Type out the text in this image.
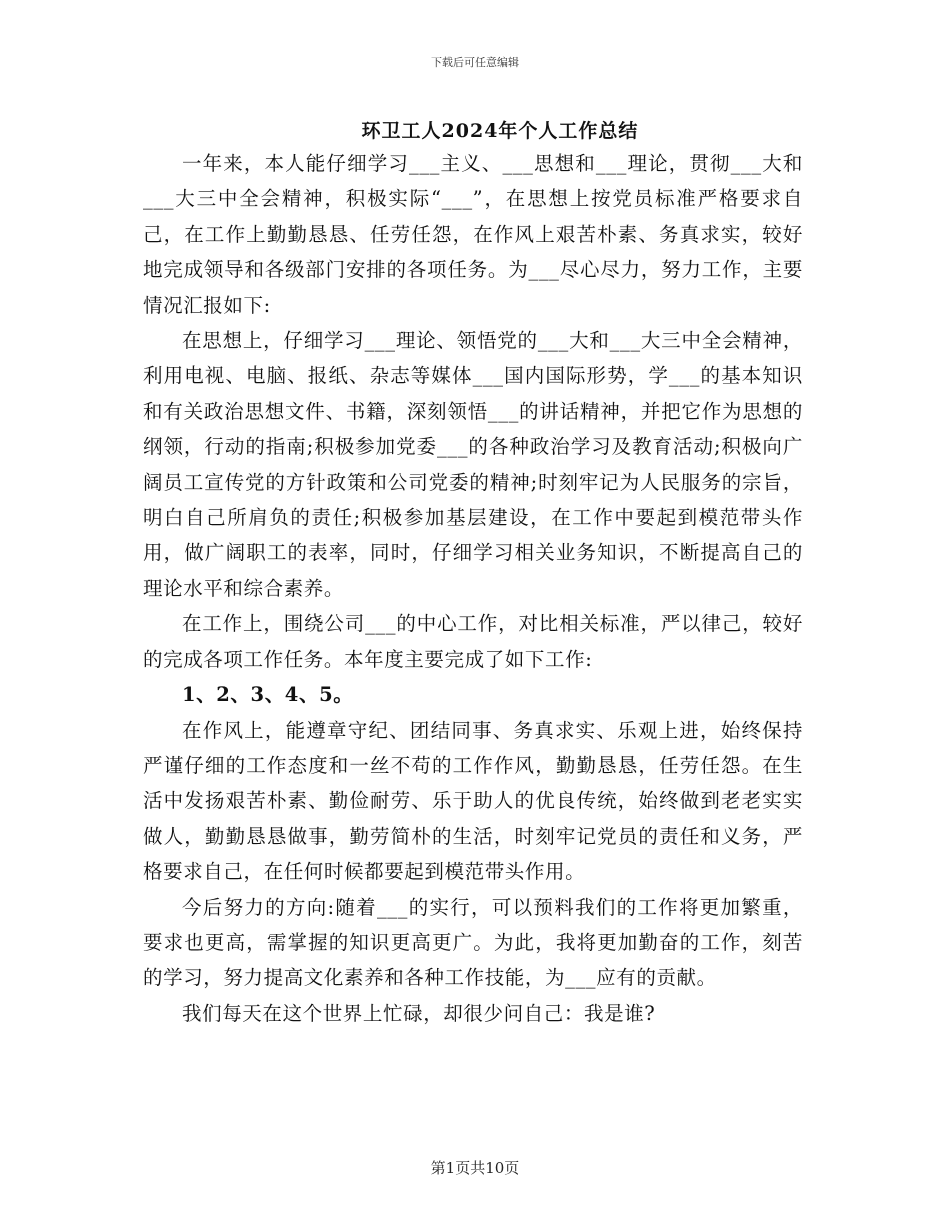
下载后可任意编辑
环卫工人2024年个人工作总结

一年来，本人能仔细学习___主义、___思想和___理论，贯彻___大和___大三中全会精神，积极实际“___”，在思想上按党员标准严格要求自己，在工作上勤勤恳恳、任劳任怨，在作风上艰苦朴素、务真求实，较好地完成领导和各级部门安排的各项任务。为___尽心尽力，努力工作，主要情况汇报如下:

在思想上，仔细学习___理论、领悟党的___大和___大三中全会精神，利用电视、电脑、报纸、杂志等媒体___国内国际形势，学___的基本知识和有关政治思想文件、书籍，深刻领悟___的讲话精神，并把它作为思想的纲领，行动的指南;积极参加党委___的各种政治学习及教育活动;积极向广阔员工宣传党的方针政策和公司党委的精神;时刻牢记为人民服务的宗旨，明白自己所肩负的责任;积极参加基层建设，在工作中要起到模范带头作用，做广阔职工的表率，同时，仔细学习相关业务知识，不断提高自己的理论水平和综合素养。

在工作上，围绕公司___的中心工作，对比相关标准，严以律己，较好的完成各项工作任务。本年度主要完成了如下工作:

1、2、3、4、5。

在作风上，能遵章守纪、团结同事、务真求实、乐观上进，始终保持严谨仔细的工作态度和一丝不苟的工作作风，勤勤恳恳，任劳任怨。在生活中发扬艰苦朴素、勤俭耐劳、乐于助人的优良传统，始终做到老老实实做人，勤勤恳恳做事，勤劳简朴的生活，时刻牢记党员的责任和义务，严格要求自己，在任何时候都要起到模范带头作用。

今后努力的方向:随着___的实行，可以预料我们的工作将更加繁重，要求也更高，需掌握的知识更高更广。为此，我将更加勤奋的工作，刻苦的学习，努力提高文化素养和各种工作技能，为___应有的贡献。

我们每天在这个世界上忙碌，却很少问自己：我是谁?

第1页共10页
